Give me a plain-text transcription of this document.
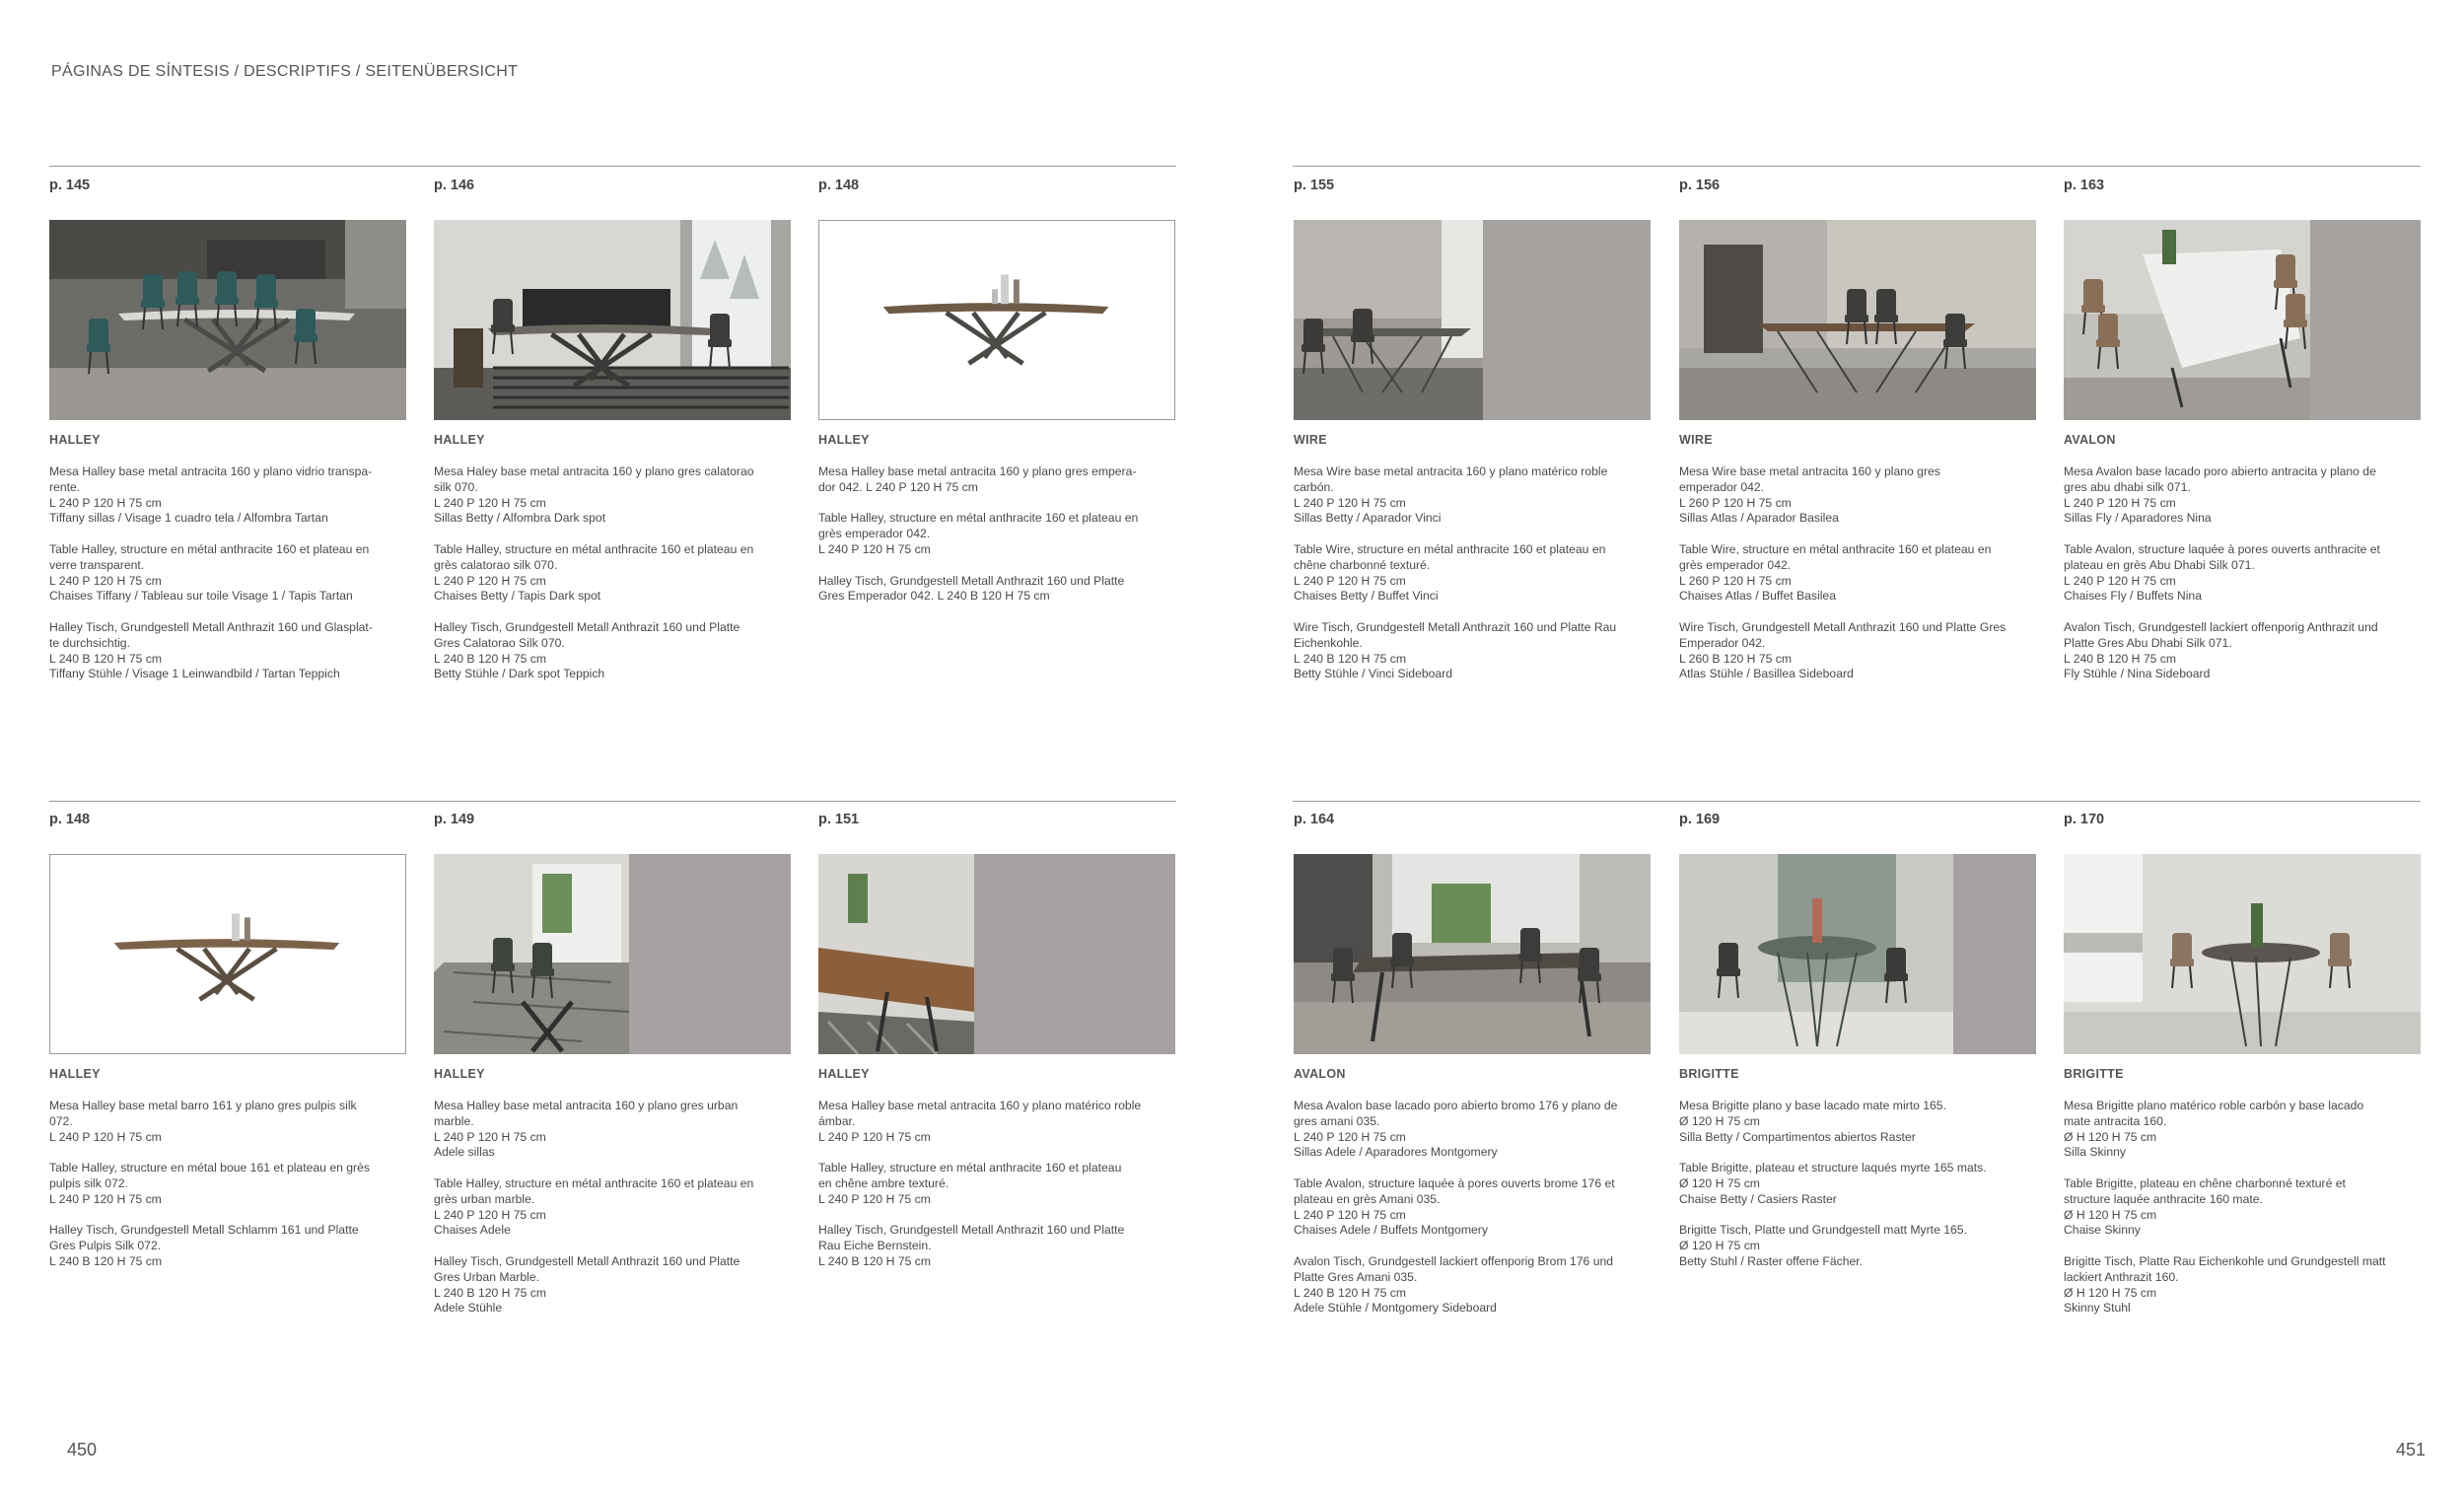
PÁGINAS DE SÍNTESIS / DESCRIPTIFS / SEITENÜBERSICHT
p. 145
HALLEY
Mesa Halley base metal antracita 160 y plano vidrio transpa-
rente.
L 240 P 120 H 75 cm
Tiffany sillas / Visage 1 cuadro tela / Alfombra Tartan
Table Halley, structure en métal anthracite 160 et plateau en
verre transparent.
L 240 P 120 H 75 cm
Chaises Tiffany / Tableau sur toile Visage 1 / Tapis Tartan
Halley Tisch, Grundgestell Metall Anthrazit 160 und Glasplat-
te durchsichtig.
L 240 B 120 H 75 cm
Tiffany Stühle / Visage 1 Leinwandbild / Tartan Teppich
p. 146
HALLEY
Mesa Haley base metal antracita 160 y plano gres calatorao
silk 070.
L 240 P 120 H 75 cm
Sillas Betty / Alfombra Dark spot
Table Halley, structure en métal anthracite 160 et plateau en
grès calatorao silk 070.
L 240 P 120 H 75 cm
Chaises Betty / Tapis Dark spot
Halley Tisch, Grundgestell Metall Anthrazit 160 und Platte
Gres Calatorao Silk 070.
L 240 B 120 H 75 cm
Betty Stühle / Dark spot Teppich
p. 148
HALLEY
Mesa Halley base metal antracita 160 y plano gres empera-
dor 042. L 240 P 120 H 75 cm
Table Halley, structure en métal anthracite 160 et plateau en
grès emperador 042.
L 240 P 120 H 75 cm
Halley Tisch, Grundgestell Metall Anthrazit 160 und Platte
Gres Emperador 042. L 240 B 120 H 75 cm
p. 155
WIRE
Mesa Wire base metal antracita 160 y plano matérico roble
carbón.
L 240 P 120 H 75 cm
Sillas Betty / Aparador Vinci
Table Wire, structure en métal anthracite 160 et plateau en
chêne charbonné texturé.
L 240 P 120 H 75 cm
Chaises Betty / Buffet Vinci
Wire Tisch, Grundgestell Metall Anthrazit 160 und Platte Rau
Eichenkohle.
L 240 B 120 H 75 cm
Betty Stühle / Vinci Sideboard
p. 156
WIRE
Mesa Wire base metal antracita 160 y plano gres
emperador 042.
L 260 P 120 H 75 cm
Sillas Atlas / Aparador Basilea
Table Wire, structure en métal anthracite 160 et plateau en
grès emperador 042.
L 260 P 120 H 75 cm
Chaises Atlas / Buffet Basilea
Wire Tisch, Grundgestell Metall Anthrazit 160 und Platte Gres
Emperador 042.
L 260 B 120 H 75 cm
Atlas Stühle / Basillea Sideboard
p. 163
AVALON
Mesa Avalon base lacado poro abierto antracita y plano de
gres abu dhabi silk 071.
L 240 P 120 H 75 cm
Sillas Fly / Aparadores Nina
Table Avalon, structure laquée à pores ouverts anthracite et
plateau en grès Abu Dhabi Silk 071.
L 240 P 120 H 75 cm
Chaises Fly / Buffets Nina
Avalon Tisch, Grundgestell lackiert offenporig Anthrazit und
Platte Gres Abu Dhabi Silk 071.
L 240 B 120 H 75 cm
Fly Stühle / Nina Sideboard
p. 148
HALLEY
Mesa Halley base metal barro 161 y plano gres pulpis silk
072.
L 240 P 120 H 75 cm
Table Halley, structure en métal boue 161 et plateau en grès
pulpis silk 072.
L 240 P 120 H 75 cm
Halley Tisch, Grundgestell Metall Schlamm 161 und Platte
Gres Pulpis Silk 072.
L 240 B 120 H 75 cm
p. 149
HALLEY
Mesa Halley base metal antracita 160 y plano gres urban
marble.
L 240 P 120 H 75 cm
Adele sillas
Table Halley, structure en métal anthracite 160 et plateau en
grès urban marble.
L 240 P 120 H 75 cm
Chaises Adele
Halley Tisch, Grundgestell Metall Anthrazit 160 und Platte
Gres Urban Marble.
L 240 B 120 H 75 cm
Adele Stühle
p. 151
HALLEY
Mesa Halley base metal antracita 160 y plano matérico roble
ámbar.
L 240 P 120 H 75 cm
Table Halley, structure en métal anthracite 160 et plateau
en chêne ambre texturé.
L 240 P 120 H 75 cm
Halley Tisch, Grundgestell Metall Anthrazit 160 und Platte
Rau Eiche Bernstein.
L 240 B 120 H 75 cm
p. 164
AVALON
Mesa Avalon base lacado poro abierto bromo 176 y plano de
gres amani 035.
L 240 P 120 H 75 cm
Sillas Adele / Aparadores Montgomery
Table Avalon, structure laquée à pores ouverts brome 176 et
plateau en grès Amani 035.
L 240 P 120 H 75 cm
Chaises Adele / Buffets Montgomery
Avalon Tisch, Grundgestell lackiert offenporig Brom 176 und
Platte Gres Amani 035.
L 240 B 120 H 75 cm
Adele Stühle / Montgomery Sideboard
p. 169
BRIGITTE
Mesa Brigitte plano y base lacado mate mirto 165.
Ø 120 H 75 cm
Silla Betty / Compartimentos abiertos Raster
Table Brigitte, plateau et structure laqués myrte 165 mats.
Ø 120 H 75 cm
Chaise Betty / Casiers Raster
Brigitte Tisch, Platte und Grundgestell matt Myrte 165.
Ø 120 H 75 cm
Betty Stuhl / Raster offene Fächer.
p. 170
BRIGITTE
Mesa Brigitte plano matérico roble carbón y base lacado
mate antracita 160.
Ø H 120 H 75 cm
Silla Skinny
Table Brigitte, plateau en chêne charbonné texturé et
structure laquée anthracite 160 mate.
Ø H 120 H 75 cm
Chaise Skinny
Brigitte Tisch, Platte Rau Eichenkohle und Grundgestell matt
lackiert Anthrazit 160.
Ø H 120 H 75 cm
Skinny Stuhl
450	451
